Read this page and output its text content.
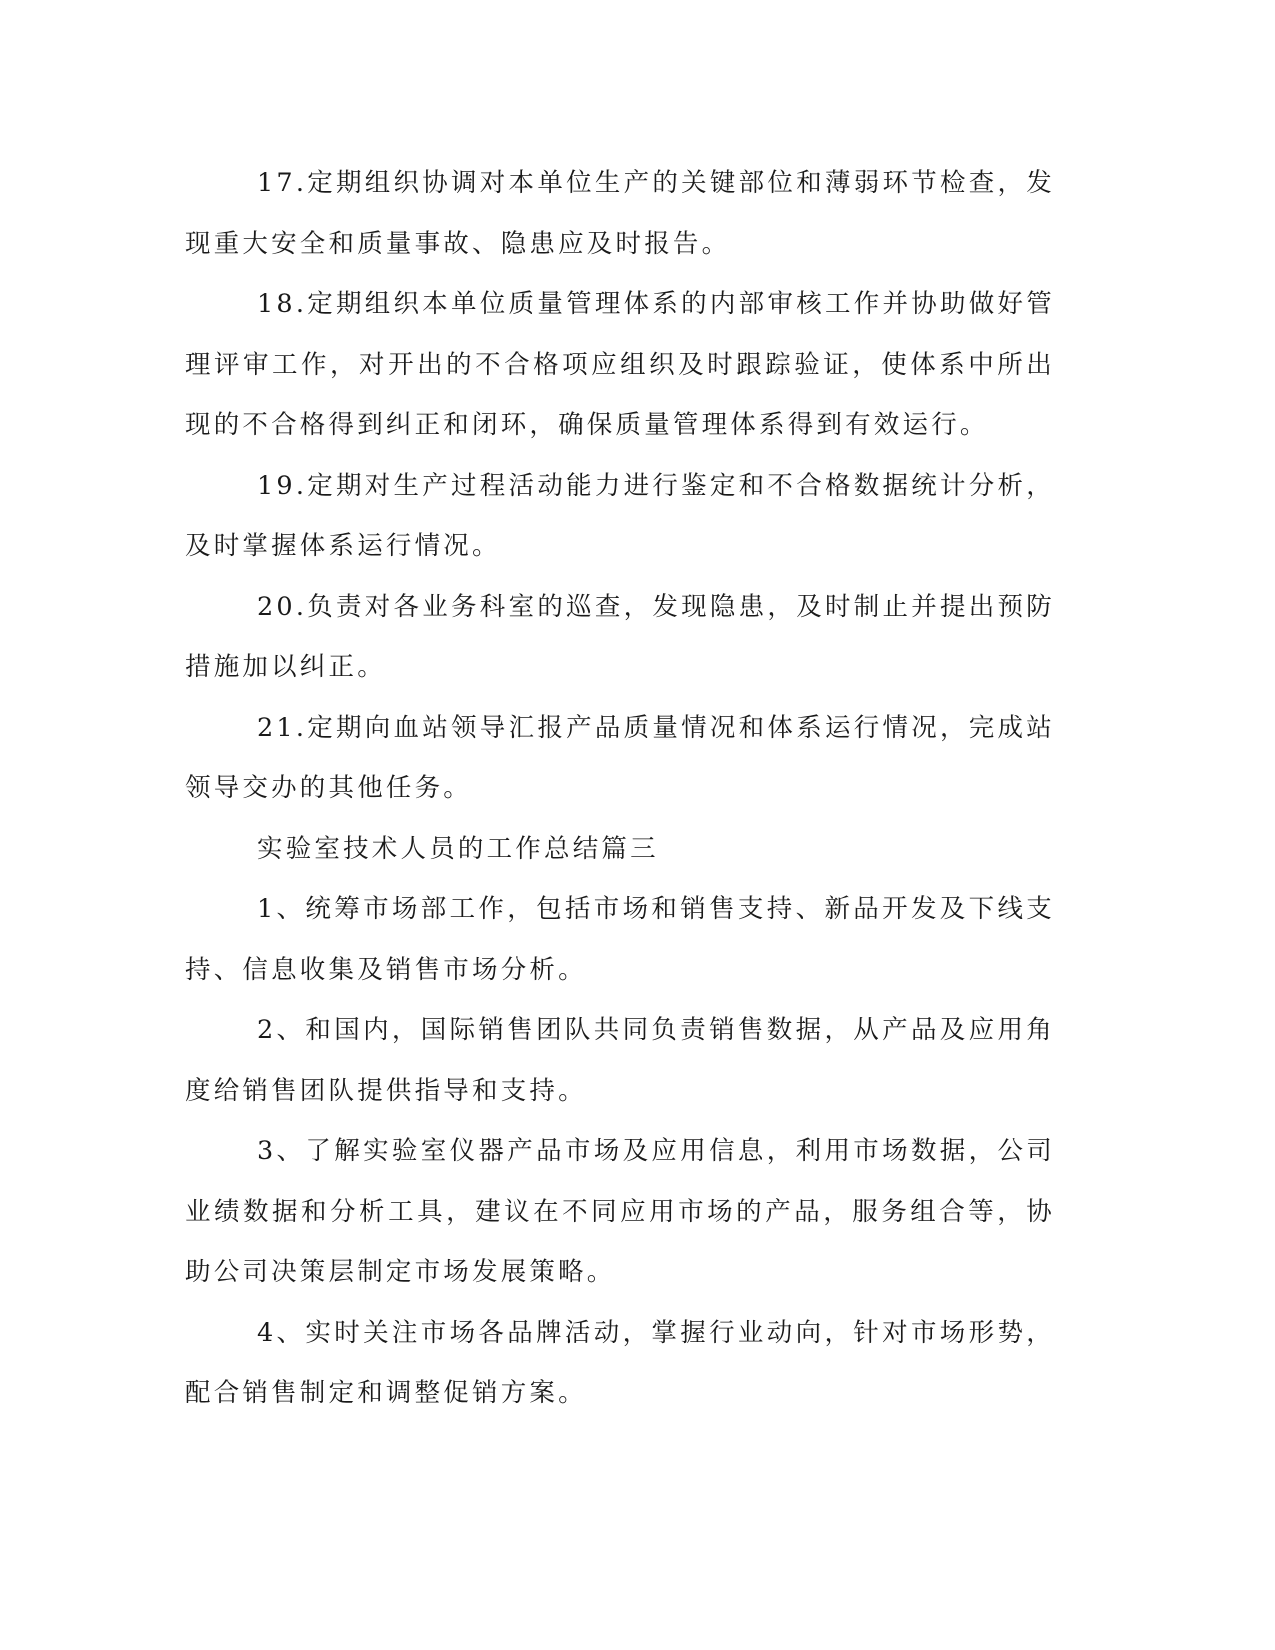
17.定期组织协调对本单位生产的关键部位和薄弱环节检查，发现重大安全和质量事故、隐患应及时报告。

18.定期组织本单位质量管理体系的内部审核工作并协助做好管理评审工作，对开出的不合格项应组织及时跟踪验证，使体系中所出现的不合格得到纠正和闭环，确保质量管理体系得到有效运行。

19.定期对生产过程活动能力进行鉴定和不合格数据统计分析，及时掌握体系运行情况。

20.负责对各业务科室的巡查，发现隐患，及时制止并提出预防措施加以纠正。

21.定期向血站领导汇报产品质量情况和体系运行情况，完成站领导交办的其他任务。

实验室技术人员的工作总结篇三

1、统筹市场部工作，包括市场和销售支持、新品开发及下线支持、信息收集及销售市场分析。

2、和国内，国际销售团队共同负责销售数据，从产品及应用角度给销售团队提供指导和支持。

3、了解实验室仪器产品市场及应用信息，利用市场数据，公司业绩数据和分析工具，建议在不同应用市场的产品，服务组合等，协助公司决策层制定市场发展策略。

4、实时关注市场各品牌活动，掌握行业动向，针对市场形势，配合销售制定和调整促销方案。
